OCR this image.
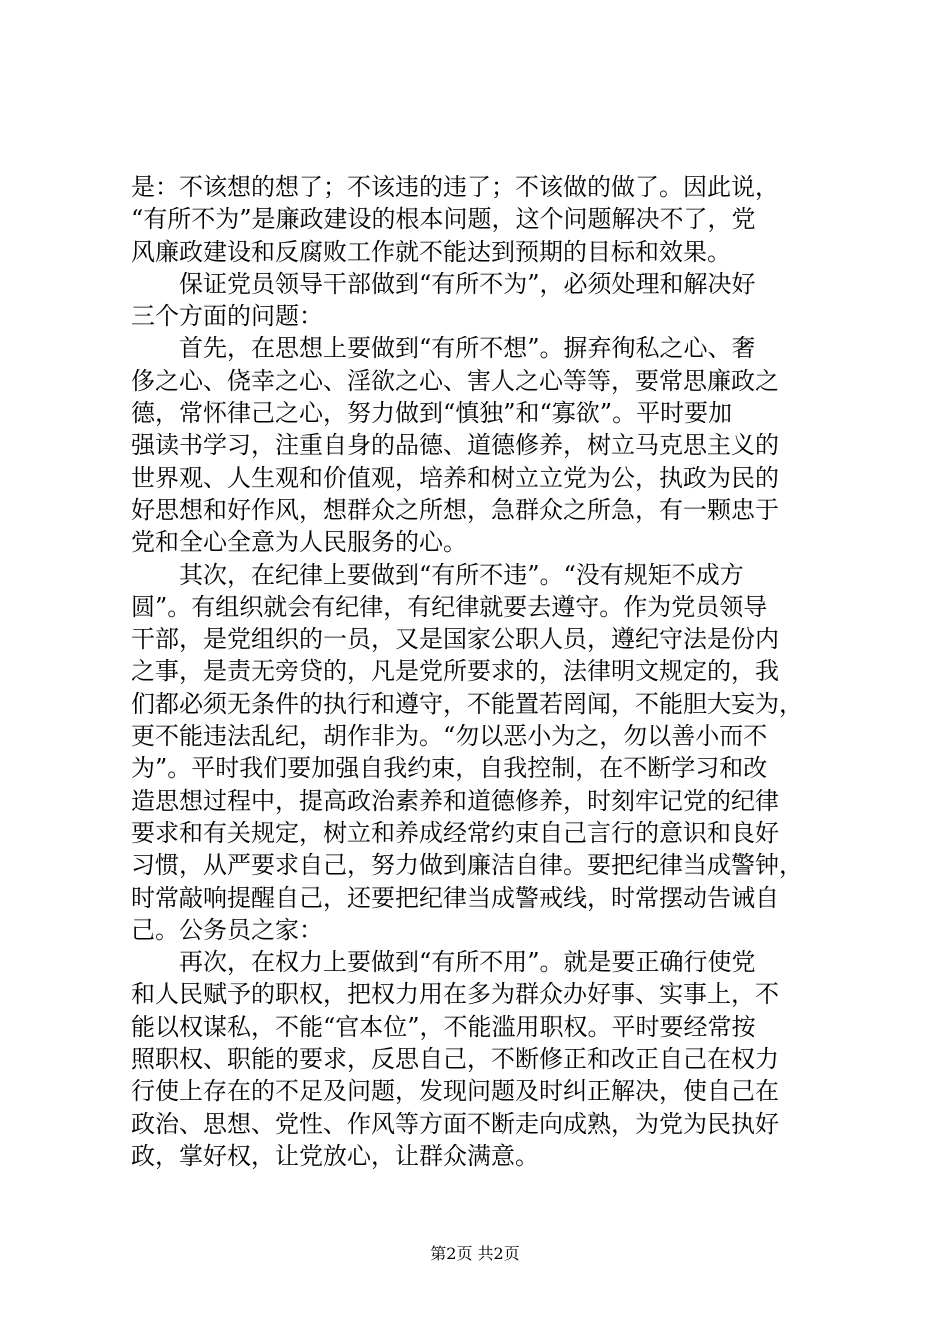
是：不该想的想了；不该违的违了；不该做的做了。因此说，
“有所不为”是廉政建设的根本问题，这个问题解决不了，党
风廉政建设和反腐败工作就不能达到预期的目标和效果。

保证党员领导干部做到“有所不为”，必须处理和解决好
三个方面的问题：

首先，在思想上要做到“有所不想”。摒弃徇私之心、奢
侈之心、侥幸之心、淫欲之心、害人之心等等，要常思廉政之
德，常怀律己之心，努力做到“慎独”和“寡欲”。平时要加
强读书学习，注重自身的品德、道德修养，树立马克思主义的
世界观、人生观和价值观，培养和树立立党为公，执政为民的
好思想和好作风，想群众之所想，急群众之所急，有一颗忠于
党和全心全意为人民服务的心。

其次，在纪律上要做到“有所不违”。“没有规矩不成方
圆”。有组织就会有纪律，有纪律就要去遵守。作为党员领导
干部，是党组织的一员，又是国家公职人员，遵纪守法是份内
之事，是责无旁贷的，凡是党所要求的，法律明文规定的，我
们都必须无条件的执行和遵守，不能置若罔闻，不能胆大妄为，
更不能违法乱纪，胡作非为。“勿以恶小为之，勿以善小而不
为”。平时我们要加强自我约束，自我控制，在不断学习和改
造思想过程中，提高政治素养和道德修养，时刻牢记党的纪律
要求和有关规定，树立和养成经常约束自己言行的意识和良好
习惯，从严要求自己，努力做到廉洁自律。要把纪律当成警钟，
时常敲响提醒自己，还要把纪律当成警戒线，时常摆动告诫自
己。公务员之家：

再次，在权力上要做到“有所不用”。就是要正确行使党
和人民赋予的职权，把权力用在多为群众办好事、实事上，不
能以权谋私，不能“官本位”，不能滥用职权。平时要经常按
照职权、职能的要求，反思自己，不断修正和改正自己在权力
行使上存在的不足及问题，发现问题及时纠正解决，使自己在
政治、思想、党性、作风等方面不断走向成熟，为党为民执好
政，掌好权，让党放心，让群众满意。

第2页 共2页
